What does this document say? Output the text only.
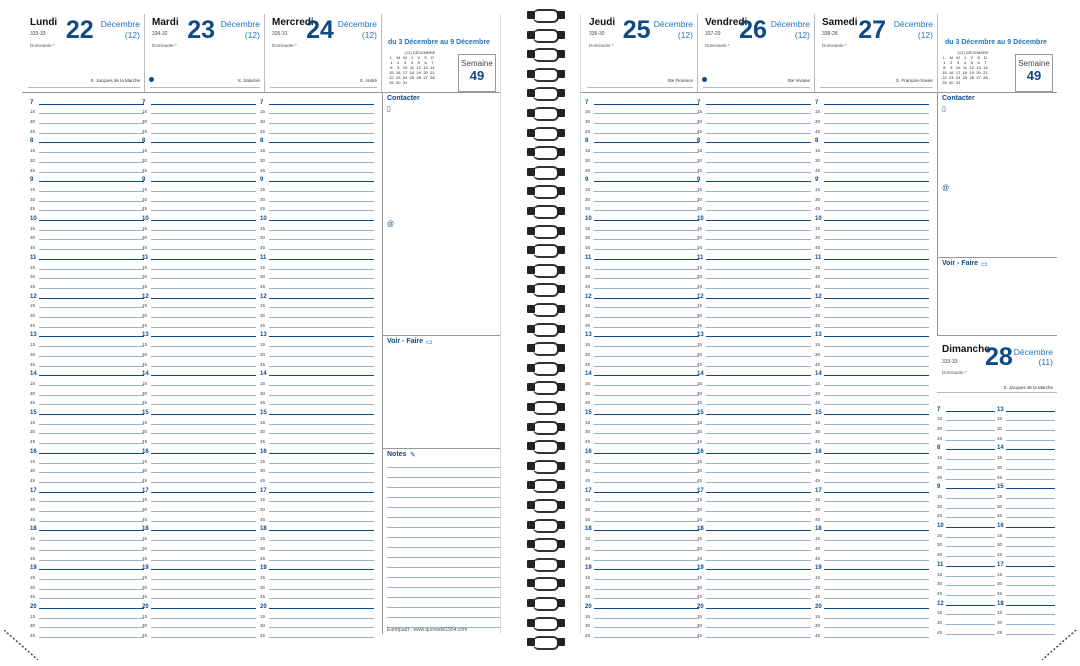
Lundi
333-33 22 Décembre
(12)
Dominante *
S. Jacques de la Marche
Mardi
334-32 23 Décembre
(12)
Dominante *
S. Saturnin
Mercredi
335-31 24 Décembre
(12)
Dominante *
S. André
7
15
30
45
8
15
30
45
9
15
30
45
10
15
30
45
11
15
30
45
12
15
30
45
13
15
30
45
14
15
30
45
15
15
30
45
16
15
30
45
17
15
30
45
18
15
30
45
19
15
30
45
20
15
30
45
7
15
30
45
8
15
30
45
9
15
30
45
10
15
30
45
11
15
30
45
12
15
30
45
13
15
30
45
14
15
30
45
15
15
30
45
16
15
30
45
17
15
30
45
18
15
30
45
19
15
30
45
20
15
30
45
7
15
30
45
8
15
30
45
9
15
30
45
10
15
30
45
11
15
30
45
12
15
30
45
13
15
30
45
14
15
30
45
15
15
30
45
16
15
30
45
17
15
30
45
18
15
30
45
19
15
30
45
20
15
30
45
du 3 Décembre au 9 Décembre
(12) DÉCEMBRE
L	M	M	J	V	S	D
1	2	3	4	5	6	7
8	9	10	11	12	13	14
15	16	17	18	19	20	21
22	23	24	25	26	27	28
29	30	31				
Semaine
49
Contacter
▯
@
Voir - Faire ▭
Notes ✎
Eurêquart - www.quovadis1954.com
Jeudi
336-30 25 Décembre
(12)
Dominante *
Ste Florence
Vendredi
337-29 26 Décembre
(12)
Dominante *
Ste Viviane
Samedi
338-28 27 Décembre
(12)
Dominante *
S. François-Xavier
7
15
30
45
8
15
30
45
9
15
30
45
10
15
30
45
11
15
30
45
12
15
30
45
13
15
30
45
14
15
30
45
15
15
30
45
16
15
30
45
17
15
30
45
18
15
30
45
19
15
30
45
20
15
30
45
7
15
30
45
8
15
30
45
9
15
30
45
10
15
30
45
11
15
30
45
12
15
30
45
13
15
30
45
14
15
30
45
15
15
30
45
16
15
30
45
17
15
30
45
18
15
30
45
19
15
30
45
20
15
30
45
7
15
30
45
8
15
30
45
9
15
30
45
10
15
30
45
11
15
30
45
12
15
30
45
13
15
30
45
14
15
30
45
15
15
30
45
16
15
30
45
17
15
30
45
18
15
30
45
19
15
30
45
20
15
30
45
du 3 Décembre au 9 Décembre
(12) DÉCEMBRE
L	M	M	J	V	S	D
1	2	3	4	5	6	7
8	9	10	11	12	13	14
15	16	17	18	19	20	21
22	23	24	25	26	27	28
29	30	31				
Semaine
49
Contacter
▯
@
Voir - Faire ▭
Dimanche
28 Décembre
(11)
333-33
Dominante *
S. Jacques de la Marche
7
15
30
45
8
15
30
45
9
15
30
45
10
15
30
45
11
15
30
45
12
15
30
45
13
15
30
45
14
15
30
45
15
15
30
45
16
15
30
45
17
15
30
45
18
15
30
45
